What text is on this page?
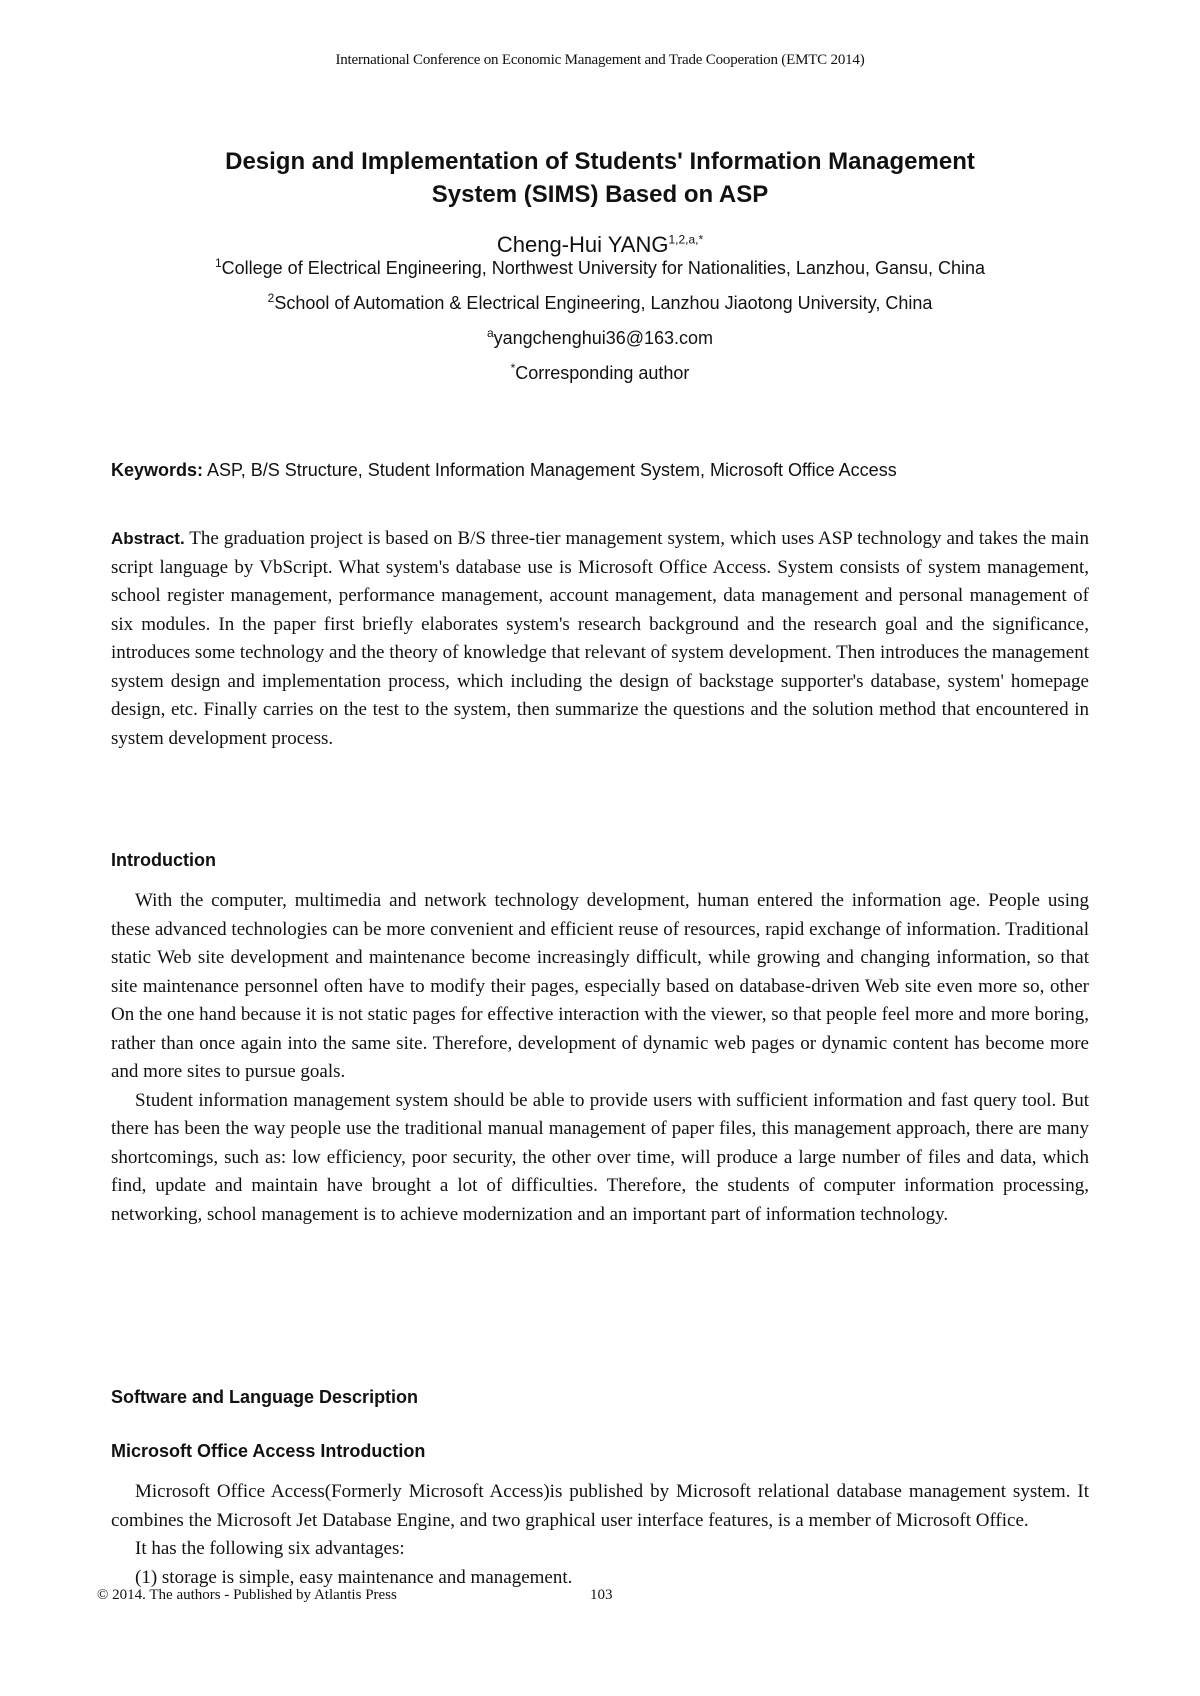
International Conference on Economic Management and Trade Cooperation (EMTC 2014)
Design and Implementation of Students' Information Management
System (SIMS) Based on ASP
Cheng-Hui $YANG^{1,2,a,*}$
$^1$College of Electrical Engineering, Northwest University for Nationalities, Lanzhou, Gansu, China
$^2$School of Automation & Electrical Engineering, Lanzhou Jiaotong University, China
$^a$yangchenghui36@163.com
*Corresponding author
Keywords: ASP, B/S Structure, Student Information Management System, Microsoft Office Access

Abstract. The graduation project is based on B/S three-tier management system, which uses ASP technology and takes the main script language by VbScript. What system's database use is Microsoft Office Access. System consists of system management, school register management, performance management, account management, data management and personal management of six modules. In the paper first briefly elaborates system's research background and the research goal and the significance, introduces some technology and the theory of knowledge that relevant of system development. Then introduces the management system design and implementation process, which including the design of backstage supporter's database, system' homepage design, etc. Finally carries on the test to the system, then summarize the questions and the solution method that encountered in system development process.

Introduction

With the computer, multimedia and network technology development, human entered the information age. People using these advanced technologies can be more convenient and efficient reuse of resources, rapid exchange of information. Traditional static Web site development and maintenance become increasingly difficult, while growing and changing information, so that site maintenance personnel often have to modify their pages, especially based on database-driven Web site even more so, other On the one hand because it is not static pages for effective interaction with the viewer, so that people feel more and more boring, rather than once again into the same site. Therefore, development of dynamic web pages or dynamic content has become more and more sites to pursue goals.

Student information management system should be able to provide users with sufficient information and fast query tool. But there has been the way people use the traditional manual management of paper files, this management approach, there are many shortcomings, such as: low efficiency, poor security, the other over time, will produce a large number of files and data, which find, update and maintain have brought a lot of difficulties. Therefore, the students of computer information processing, networking, school management is to achieve modernization and an important part of information technology.

Software and Language Description
Microsoft Office Access Introduction

Microsoft Office Access(Formerly Microsoft Access)is published by Microsoft relational database management system. It combines the Microsoft Jet Database Engine, and two graphical user interface features, is a member of Microsoft Office.

It has the following six advantages:

(1) storage is simple, easy maintenance and management.

© 2014. The authors - Published by Atlantis Press	103
